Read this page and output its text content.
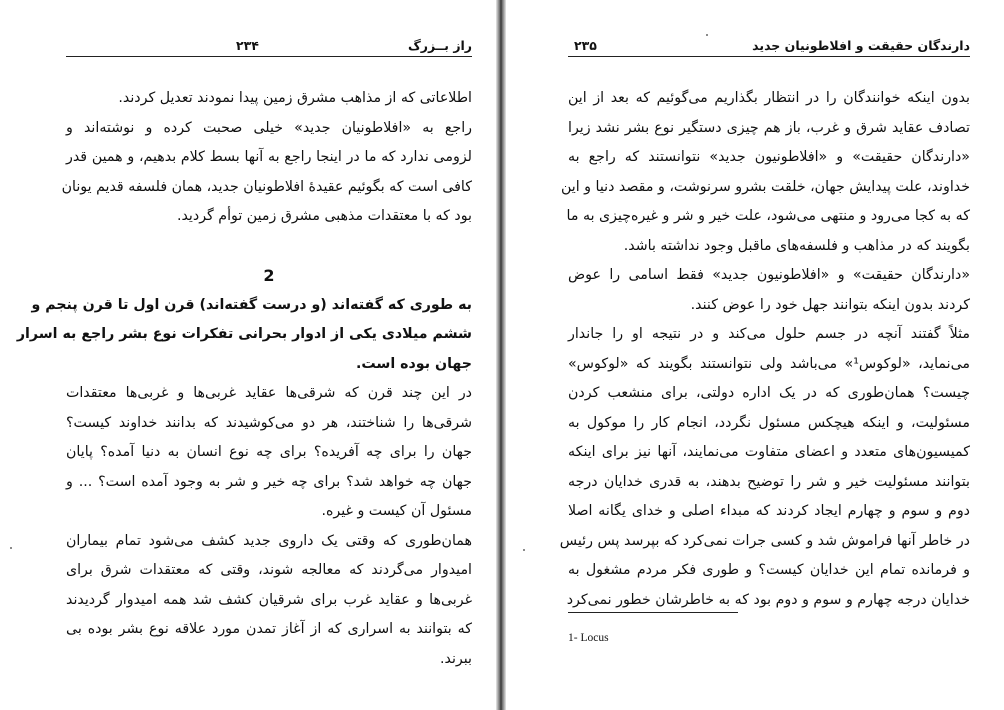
راز بــزرگ
۲۳۴
اطلاعاتی که از مذاهب مشرق زمین پیدا نمودند تعدیل کردند.
راجع به «افلاطونیان جدید» خیلی صحبت کرده و نوشته‌اند و
لزومی ندارد که ما در اینجا راجع به آنها بسط کلام بدهیم، و همین قدر
کافی است که بگوئیم عقیدهٔ افلاطونیان جدید، همان فلسفه قدیم یونان
بود که با معتقدات مذهبی مشرق زمین توأم گردید.
2
به طوری که گفته‌اند (و درست گفته‌اند) قرن اول تا قرن پنجم و
ششم میلادی یکی از ادوار بحرانی تفکرات نوع بشر راجع به اسرار
جهان بوده است.
در این چند قرن که شرقی‌ها عقاید غربی‌ها و غربی‌ها معتقدات
شرقی‌ها را شناختند، هر دو می‌کوشیدند که بدانند خداوند کیست؟
جهان را برای چه آفریده؟ برای چه نوع انسان به دنیا آمده؟ پایان
جهان چه خواهد شد؟ برای چه خیر و شر به وجود آمده است؟ ... و
مسئول آن کیست و غیره.
همان‌طوری که وقتی یک داروی جدید کشف می‌شود تمام بیماران
امیدوار می‌گردند که معالجه شوند، وقتی که معتقدات شرق برای
غربی‌ها و عقاید غرب برای شرقیان کشف شد همه امیدوار گردیدند
که بتوانند به اسراری که از آغاز تمدن مورد علاقه نوع بشر بوده بی
ببرند.
دارندگان حقیقت و افلاطونیان جدید
۲۳۵
بدون اینکه خوانندگان را در انتظار بگذاریم می‌گوئیم که بعد از این
تصادف عقاید شرق و غرب، باز هم چیزی دستگیر نوع بشر نشد زیرا
«دارندگان حقیقت» و «افلاطونیون جدید» نتوانستند که راجع به
خداوند، علت پیدایش جهان، خلقت بشرو سرنوشت، و مقصد دنیا و این
که به کجا می‌رود و منتهی می‌شود، علت خیر و شر و غیره‌چیزی به ما
بگویند که در مذاهب و فلسفه‌های ماقبل وجود نداشته باشد.
«دارندگان حقیقت» و «افلاطونیون جدید» فقط اسامی را عوض
کردند بدون اینکه بتوانند جهل خود را عوض کنند.
مثلاً گفتند آنچه در جسم حلول می‌کند و در نتیجه او را جاندار
می‌نماید، «لوکوس¹» می‌باشد ولی نتوانستند بگویند که «لوکوس»
چیست؟ همان‌طوری که در یک اداره دولتی، برای منشعب کردن
مسئولیت، و اینکه هیچکس مسئول نگردد، انجام کار را موکول به
کمیسیون‌های متعدد و اعضای متفاوت می‌نمایند، آنها نیز برای اینکه
بتوانند مسئولیت خیر و شر را توضیح بدهند، به قدری خدایان درجه
دوم و سوم و چهارم ایجاد کردند که مبداء اصلی و خدای یگانه اصلا
در خاطر آنها فراموش شد و کسی جرات نمی‌کرد که بپرسد پس رئیس
و فرمانده تمام این خدایان کیست؟ و طوری فکر مردم مشغول به
خدایان درجه چهارم و سوم و دوم بود که به خاطرشان خطور نمی‌کرد
1- Locus
